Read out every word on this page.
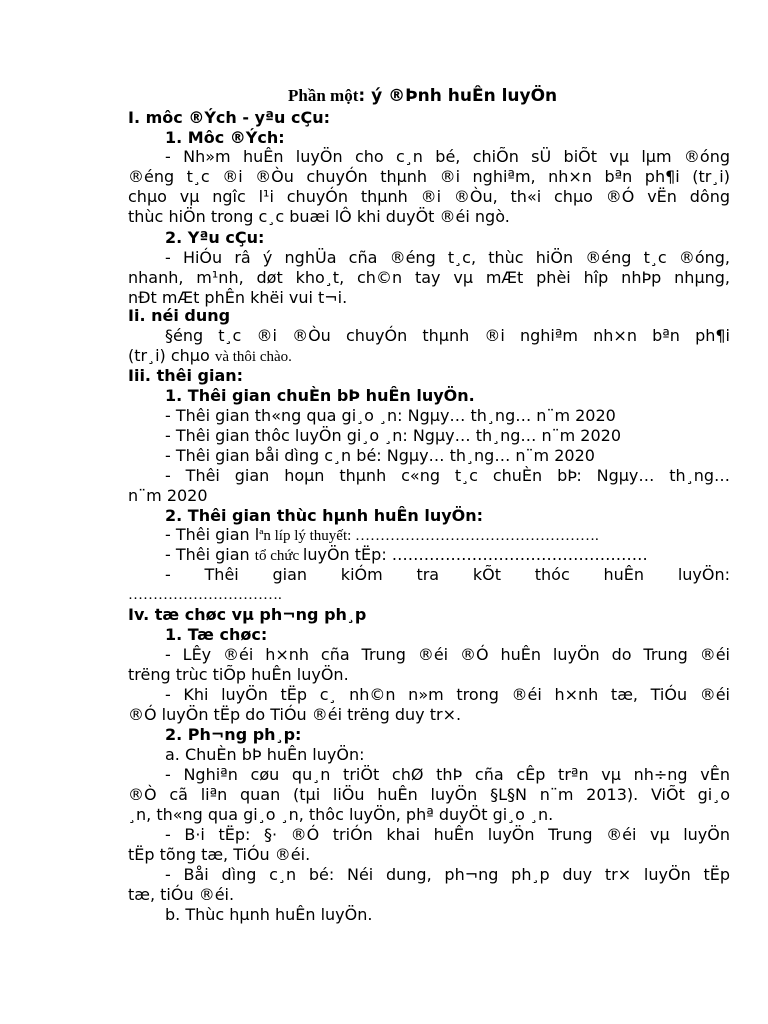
Phần một: ý ®Þnh huÊn luyÖn
I. môc ®Ých - yªu cÇu:
1. Môc ®Ých:
- Nh»m huÊn luyÖn cho c¸n bé, chiÕn sÜ biÕt vµ lµm ®óng
®éng t¸c ®i ®Òu chuyÓn thµnh ®i nghiªm, nh×n bªn ph¶i (tr¸i)
chµo vµ ngîc l¹i chuyÓn thµnh ®i ®Òu, th«i chµo ®Ó vËn dông
thùc hiÖn trong c¸c buæi lÔ khi duyÖt ®éi ngò.
2. Yªu cÇu:
- HiÓu râ ý nghÜa cña ®éng t¸c, thùc hiÖn ®éng t¸c ®óng,
nhanh, m¹nh, døt kho¸t, ch©n tay vµ mÆt phèi hîp nhÞp nhµng,
nÐt mÆt phÊn khëi vui t¬i.
Ii. néi dung
§éng t¸c ®i ®Òu chuyÓn thµnh ®i nghiªm nh×n bªn ph¶i
(tr¸i) chµo và thôi chào.
Iii. thêi gian:
1. Thêi gian chuÈn bÞ huÊn luyÖn.
- Thêi gian th«ng qua gi¸o ¸n: Ngµy… th¸ng… n¨m 2020
- Thêi gian thôc luyÖn gi¸o ¸n: Ngµy… th¸ng… n¨m 2020
- Thêi gian båi dìng c¸n bé: Ngµy… th¸ng… n¨m 2020
- Thêi gian hoµn thµnh c«ng t¸c chuÈn bÞ: Ngµy… th¸ng…
n¨m 2020
2. Thêi gian thùc hµnh huÊn luyÖn:
- Thêi gian lªn líp lý thuyết: ………………………………………….
- Thêi gian tổ chức luyÖn tËp: …………………………………………
- Thêi gian kiÓm tra kÕt thóc huÊn luyÖn:
………………………….
Iv. tæ chøc vµ ph¬ng ph¸p
1. Tæ chøc:
- LÊy ®éi h×nh cña Trung ®éi ®Ó huÊn luyÖn do Trung ®éi
trëng trùc tiÕp huÊn luyÖn.
- Khi luyÖn tËp c¸ nh©n n»m trong ®éi h×nh tæ, TiÓu ®éi
®Ó luyÖn tËp do TiÓu ®éi trëng duy tr×.
2. Ph¬ng ph¸p:
a. ChuÈn bÞ huÊn luyÖn:
- Nghiªn cøu qu¸n triÖt chØ thÞ cña cÊp trªn vµ nh÷ng vÊn
®Ò cã liªn quan (tµi liÖu huÊn luyÖn §L§N n¨m 2013). ViÕt gi¸o
¸n, th«ng qua gi¸o ¸n, thôc luyÖn, phª duyÖt gi¸o ¸n.
- B·i tËp: §· ®Ó triÓn khai huÊn luyÖn Trung ®éi vµ luyÖn
tËp tõng tæ, TiÓu ®éi.
- Båi dìng c¸n bé: Néi dung, ph¬ng ph¸p duy tr× luyÖn tËp
tæ, tiÓu ®éi.
b. Thùc hµnh huÊn luyÖn.
